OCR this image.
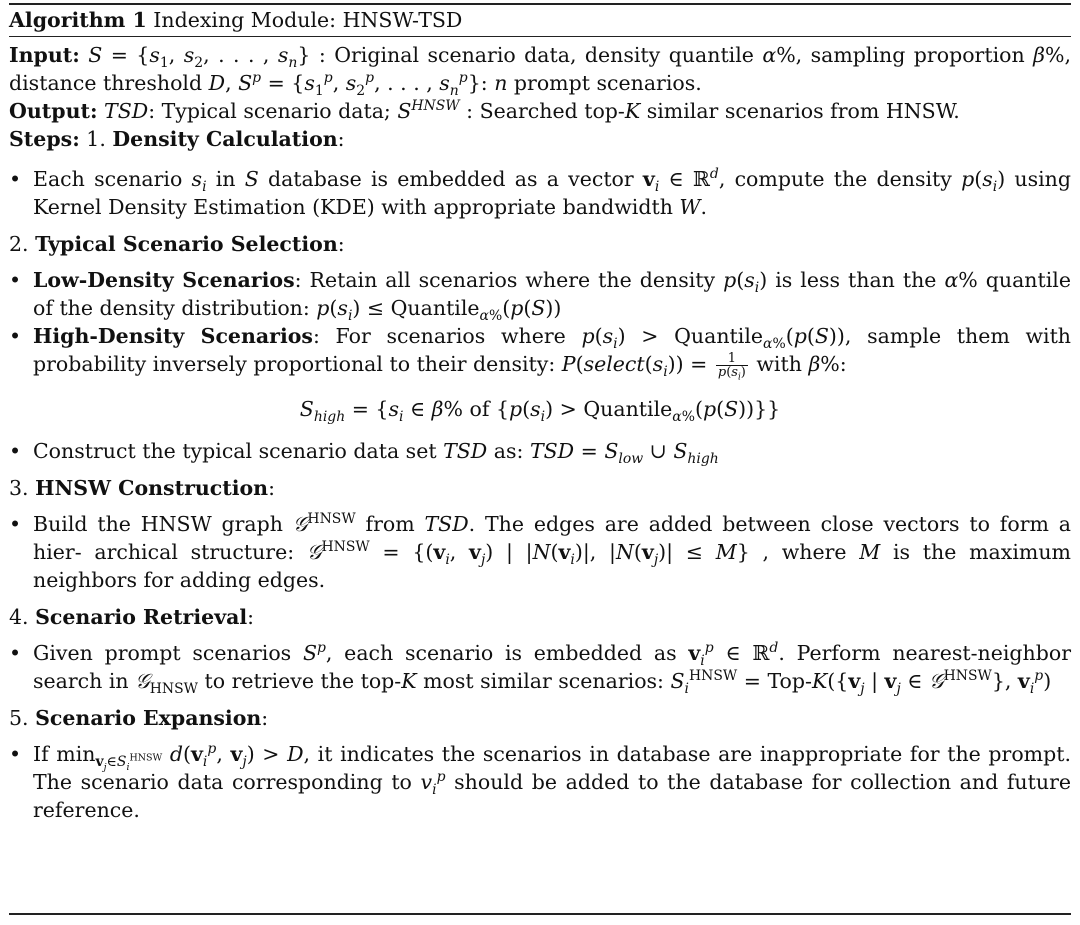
Algorithm 1 Indexing Module: HNSW-TSD

Input: $S = \{s_1$, $s_2$, . . . , $s_n$} : Original scenario data, density quantile α%, sampling proportion β%, distance threshold D, $S^p = \{s_1^p$, $s_2^p$, . . . , $s_n^p$}: n prompt scenarios.

Output: TSD: Typical scenario data; $S^{HNSW}$ : Searched top-K similar scenarios from HNSW.

Steps: 1. Density Calculation:

• Each scenario $s_i$ in S database is embedded as a vector $v_i$ ∈ ℝ$^d$, compute the density $p(s_i)$ using Kernel Density Estimation (KDE) with appropriate bandwidth W.

2. Typical Scenario Selection:

• Low-Density Scenarios: Retain all scenarios where the density $p(s_i)$ is less than the α% quantile of the density distribution: $p(s_i)$ ≤ Quantile$_{\alpha\%}$(p(S))
• High-Density Scenarios: For scenarios where $p(s_i)$ > Quantile$_{\alpha\%}$(p(S)), sample them with probability inversely proportional to their density: $P(select(s_i)) = \frac{1}{p(s_i)}$ with β%:
$S_{high} = \{s_i$ ∈ β% of {$p(s_i)$ > Quantile$_{\alpha\%}$(p(S))}}
• Construct the typical scenario data set TSD as: TSD = $S_{low}$ ∪ $S_{high}$

3. HNSW Construction:

• Build the HNSW graph 𝒢$^{HNSW}$ from TSD. The edges are added between close vectors to form a hier- archical structure: 𝒢$^{HNSW}$ = {($v_i$, $v_j$) | $|N(v_i)|$, $|N(v_j)| \le M$} , where M is the maximum neighbors for adding edges.

4. Scenario Retrieval:

• Given prompt scenarios $S^p$, each scenario is embedded as $v_i^p$ ∈ ℝ$^d$. Perform nearest-neighbor search in 𝒢$_{HNSW}$ to retrieve the top-K most similar scenarios: $S_i^{HNSW} = Top-K(\{v_j$ | $v_j$ ∈ 𝒢$^{HNSW}$}, $v_i^p$)

5. Scenario Expansion:

• If $\min_{v_j\in S_i^{HNSW}} d(v_i^p$, $v_j) > D$, it indicates the scenarios in database are inappropriate for the prompt. The scenario data corresponding to $v_i^p$ should be added to the database for collection and future reference.
